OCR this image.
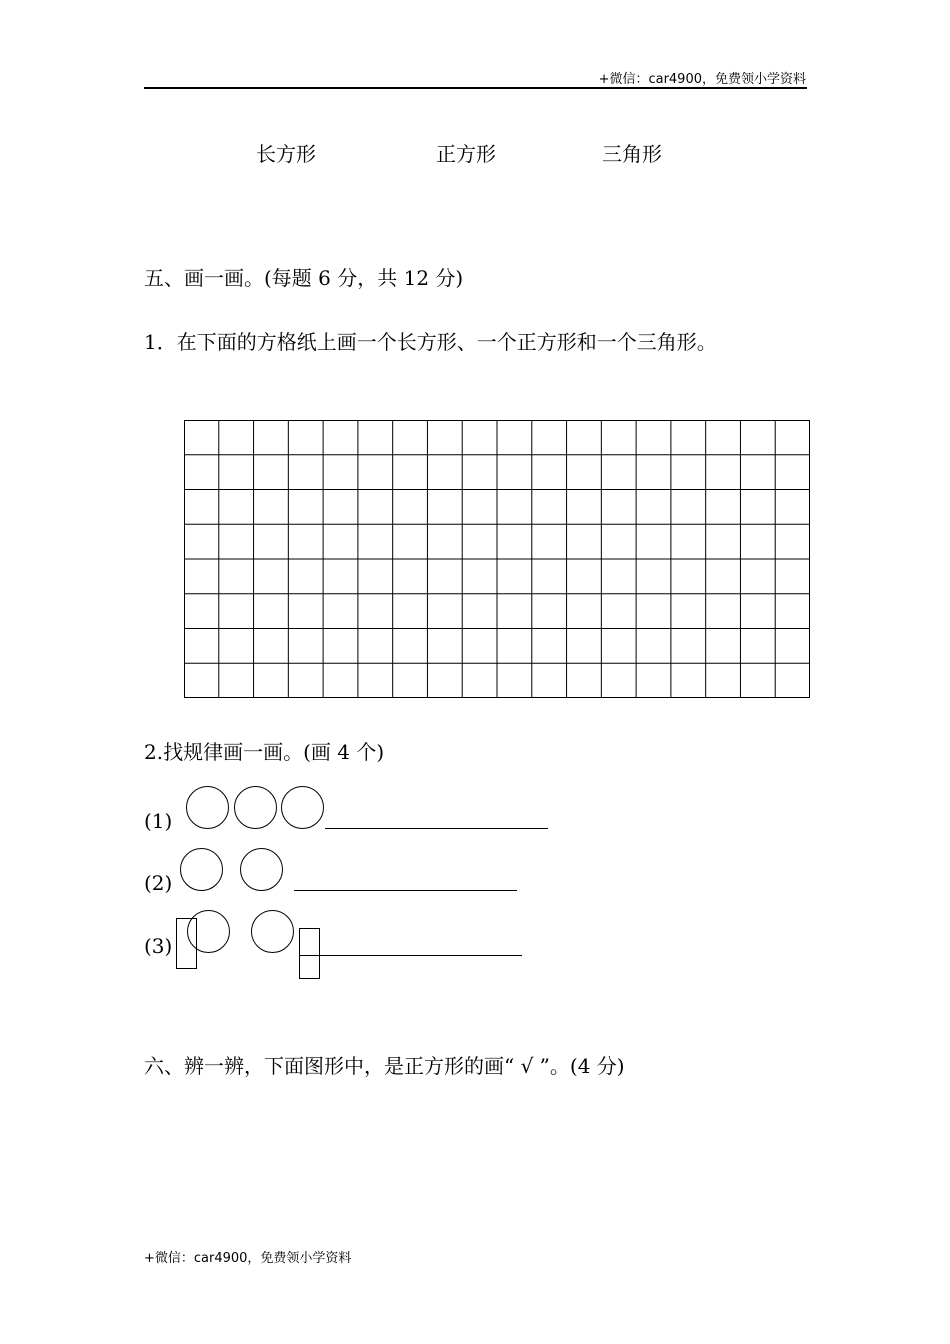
+微信：car4900，免费领小学资料
长方形	正方形	三角形
五、画一画。(每题 6 分，共 12 分)
1．在下面的方格纸上画一个长方形、一个正方形和一个三角形。
2.找规律画一画。(画 4 个)
(1)
(2)
(3)
六、辨一辨，下面图形中，是正方形的画“ √ ”。(4 分)
+微信：car4900，免费领小学资料
